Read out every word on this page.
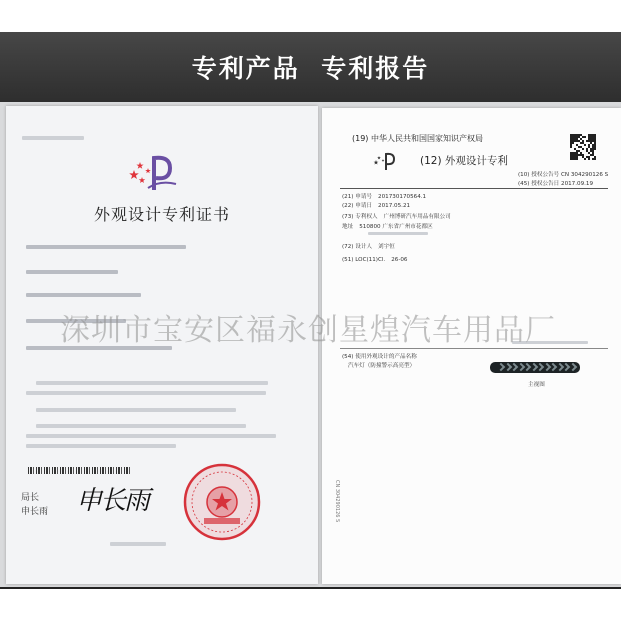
专利产品  专利报告
外观设计专利证书
局长
申长雨 申长雨
(19) 中华人民共和国国家知识产权局
(12) 外观设计专利
(10) 授权公告号 CN 304290126 S
(45) 授权公告日 2017.09.19
(21) 申请号 201730170564.1
(22) 申请日 2017.05.21
(73) 专利权人 广州博研汽车用品有限公司
地址 510800 广东省广州市花都区
(72) 设计人 刘宇恒
(51) LOC(11)Cl. 26-06
(54) 使用外观设计的产品名称
汽车灯（防撞警示高亮型）
主视图
CN 304290126 S
深圳市宝安区福永创星煌汽车用品厂
